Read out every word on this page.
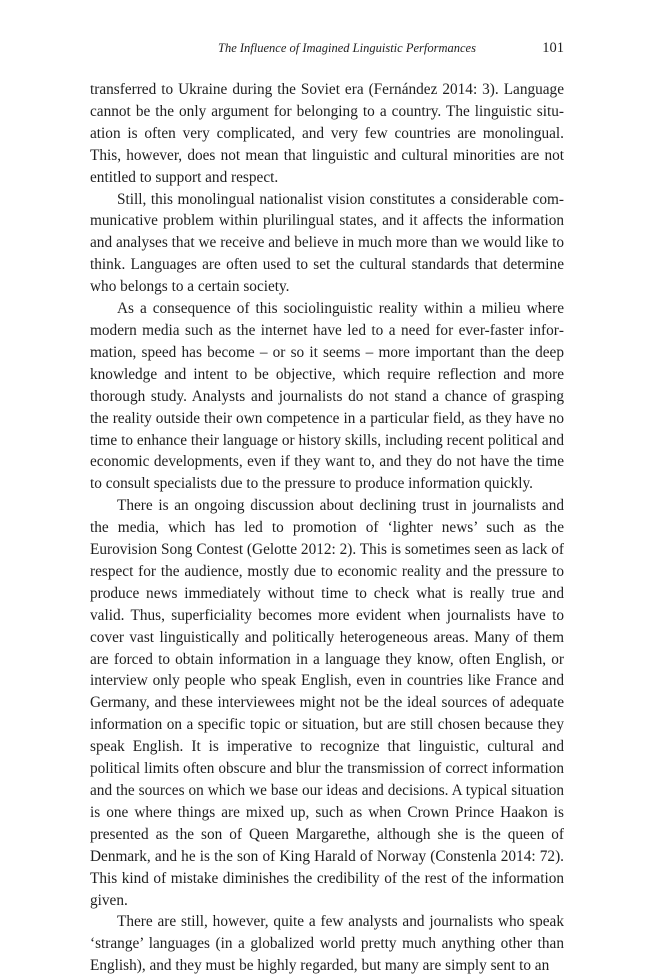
The Influence of Imagined Linguistic Performances	101

transferred to Ukraine during the Soviet era (Fernández 2014: 3). Language cannot be the only argument for belonging to a country. The linguistic situation is often very complicated, and very few countries are monolingual. This, however, does not mean that linguistic and cultural minorities are not entitled to support and respect.

Still, this monolingual nationalist vision constitutes a considerable communicative problem within plurilingual states, and it affects the information and analyses that we receive and believe in much more than we would like to think. Languages are often used to set the cultural standards that determine who belongs to a certain society.

As a consequence of this sociolinguistic reality within a milieu where modern media such as the internet have led to a need for ever-faster information, speed has become – or so it seems – more important than the deep knowledge and intent to be objective, which require reflection and more thorough study. Analysts and journalists do not stand a chance of grasping the reality outside their own competence in a particular field, as they have no time to enhance their language or history skills, including recent political and economic developments, even if they want to, and they do not have the time to consult specialists due to the pressure to produce information quickly.

There is an ongoing discussion about declining trust in journalists and the media, which has led to promotion of ‘lighter news’ such as the Eurovision Song Contest (Gelotte 2012: 2). This is sometimes seen as lack of respect for the audience, mostly due to economic reality and the pressure to produce news immediately without time to check what is really true and valid. Thus, superficiality becomes more evident when journalists have to cover vast linguistically and politically heterogeneous areas. Many of them are forced to obtain information in a language they know, often English, or interview only people who speak English, even in countries like France and Germany, and these interviewees might not be the ideal sources of adequate information on a specific topic or situation, but are still chosen because they speak English. It is imperative to recognize that linguistic, cultural and political limits often obscure and blur the transmission of correct information and the sources on which we base our ideas and decisions. A typical situation is one where things are mixed up, such as when Crown Prince Haakon is presented as the son of Queen Margarethe, although she is the queen of Denmark, and he is the son of King Harald of Norway (Constenla 2014: 72). This kind of mistake diminishes the credibility of the rest of the information given.

There are still, however, quite a few analysts and journalists who speak ‘strange’ languages (in a globalized world pretty much anything other than English), and they must be highly regarded, but many are simply sent to an
